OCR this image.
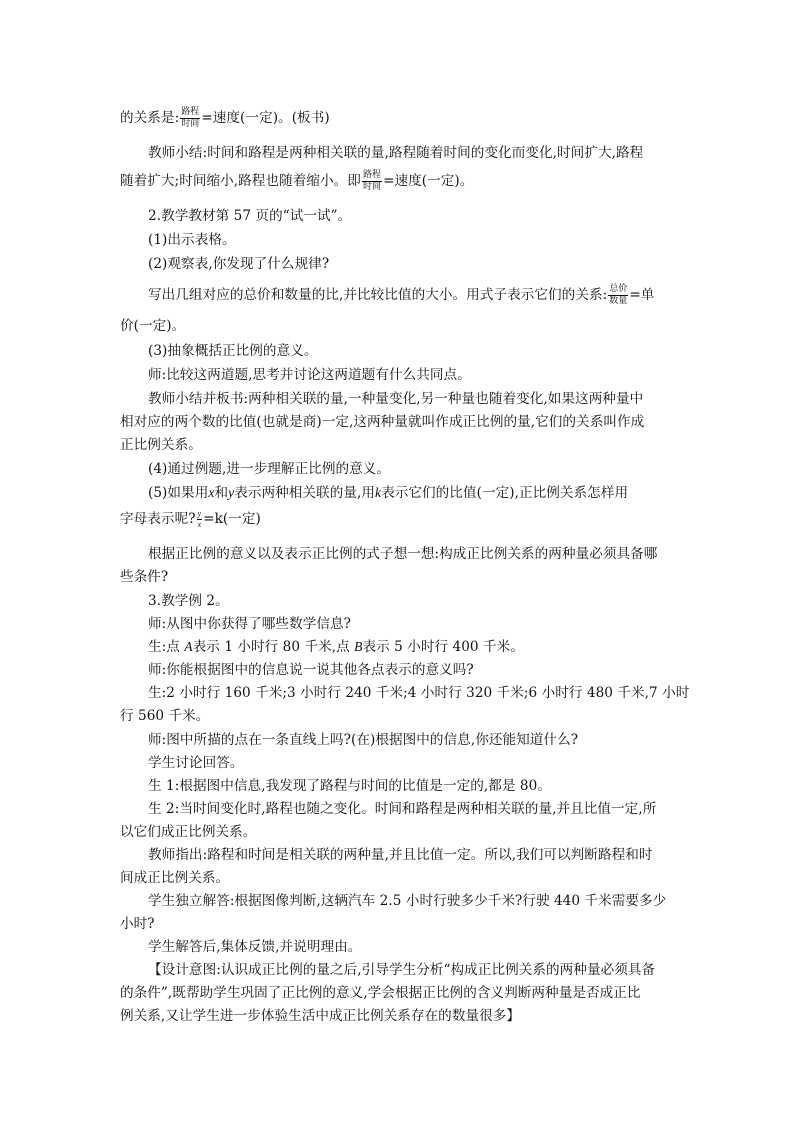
的关系是: $\frac{\text{路程}}{\text{时间}}$ =速度(一定)。(板书)
教师小结:时间和路程是两种相关联的量,路程随着时间的变化而变化,时间扩大,路程
随着扩大;时间缩小,路程也随着缩小。即 $\frac{\text{路程}}{\text{时间}}$ =速度(一定)。
2.教学教材第 57 页的“试一试”。
(1)出示表格。
(2)观察表,你发现了什么规律?
写出几组对应的总价和数量的比,并比较比值的大小。用式子表示它们的关系: $\frac{\text{总价}}{\text{数量}}$ =单
价(一定)。
(3)抽象概括正比例的意义。
师:比较这两道题,思考并讨论这两道题有什么共同点。
教师小结并板书:两种相关联的量,一种量变化,另一种量也随着变化,如果这两种量中
相对应的两个数的比值(也就是商)一定,这两种量就叫作成正比例的量,它们的关系叫作成
正比例关系。
(4)通过例题,进一步理解正比例的意义。
(5)如果用x和y表示两种相关联的量,用k表示它们的比值(一定),正比例关系怎样用
字母表示呢? $\frac{y}{x} =k$(一定)
根据正比例的意义以及表示正比例的式子想一想:构成正比例关系的两种量必须具备哪
些条件?
3.教学例 2。
师:从图中你获得了哪些数学信息?
生:点 A表示 1 小时行 80 千米,点 B表示 5 小时行 400 千米。
师:你能根据图中的信息说一说其他各点表示的意义吗?
生:2 小时行 160 千米;3 小时行 240 千米;4 小时行 320 千米;6 小时行 480 千米,7 小时
行 560 千米。
师:图中所描的点在一条直线上吗?(在)根据图中的信息,你还能知道什么?
学生讨论回答。
生 1:根据图中信息,我发现了路程与时间的比值是一定的,都是 80。
生 2:当时间变化时,路程也随之变化。时间和路程是两种相关联的量,并且比值一定,所
以它们成正比例关系。
教师指出:路程和时间是相关联的两种量,并且比值一定。所以,我们可以判断路程和时
间成正比例关系。
学生独立解答:根据图像判断,这辆汽车 2.5 小时行驶多少千米?行驶 440 千米需要多少
小时?
学生解答后,集体反馈,并说明理由。
【设计意图:认识成正比例的量之后,引导学生分析“构成正比例关系的两种量必须具备
的条件”,既帮助学生巩固了正比例的意义,学会根据正比例的含义判断两种量是否成正比
例关系,又让学生进一步体验生活中成正比例关系存在的数量很多】
